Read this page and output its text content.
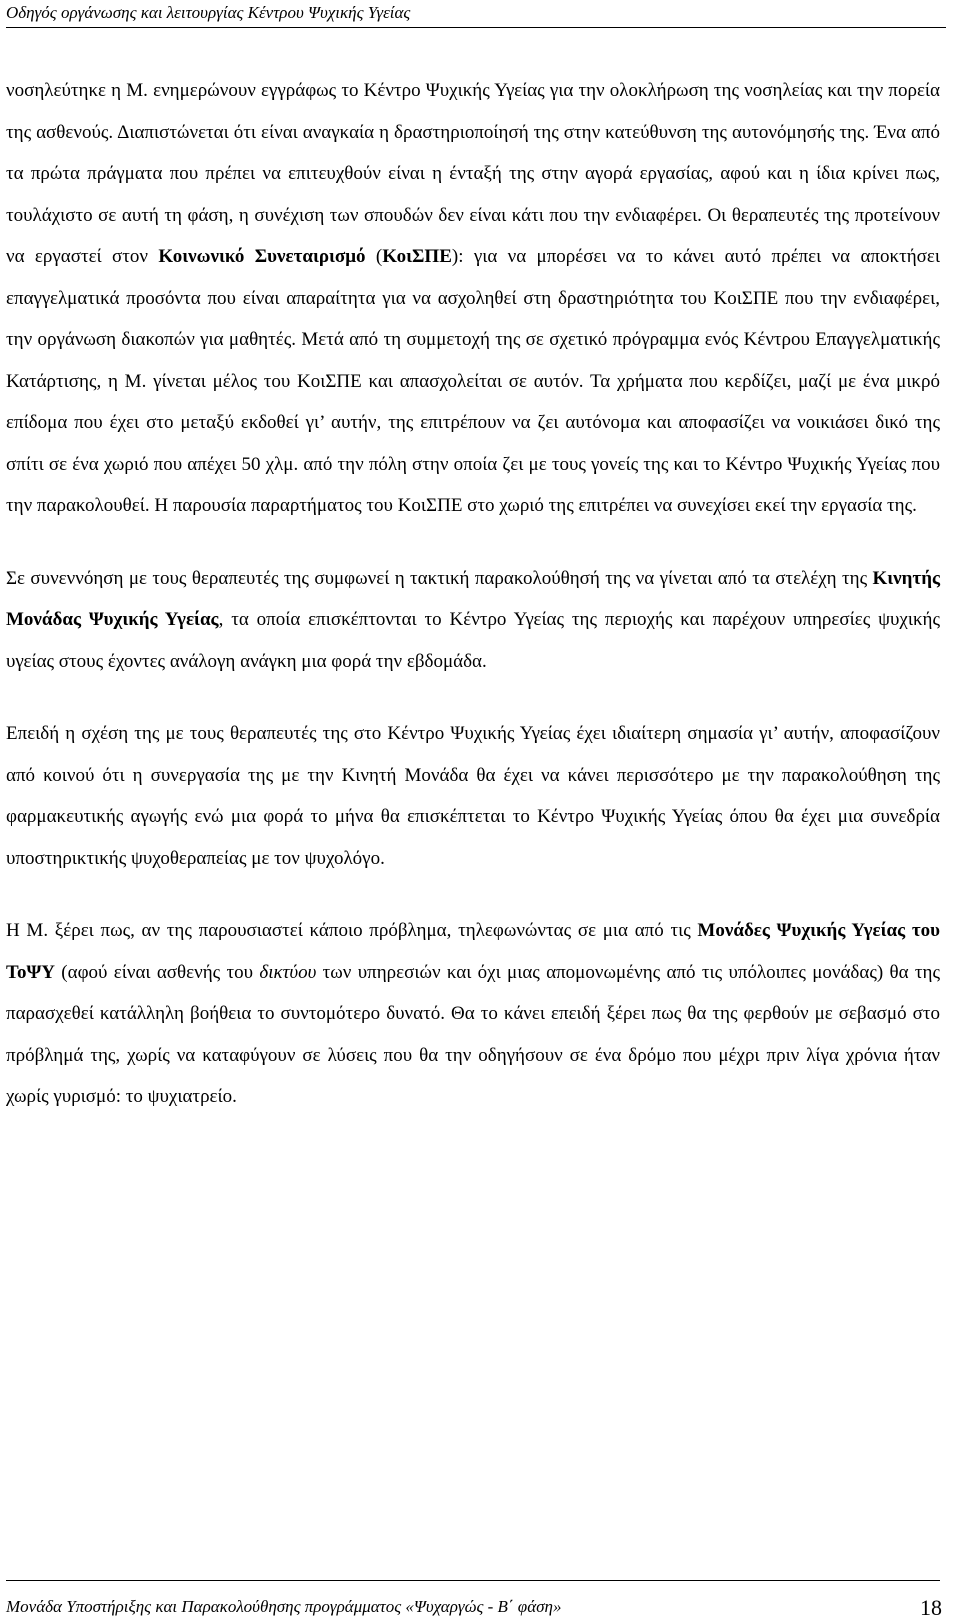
Οδηγός οργάνωσης και λειτουργίας Κέντρου Ψυχικής Υγείας

νοσηλεύτηκε η Μ. ενημερώνουν εγγράφως το Κέντρο Ψυχικής Υγείας για την ολοκλήρωση της νοσηλείας και την πορεία της ασθενούς. Διαπιστώνεται ότι είναι αναγκαία η δραστηριοποίησή της στην κατεύθυνση της αυτονόμησής της. Ένα από τα πρώτα πράγματα που πρέπει να επιτευχθούν είναι η ένταξή της στην αγορά εργασίας, αφού και η ίδια κρίνει πως, τουλάχιστο σε αυτή τη φάση, η συνέχιση των σπουδών δεν είναι κάτι που την ενδιαφέρει. Οι θεραπευτές της προτείνουν να εργαστεί στον Κοινωνικό Συνεταιρισμό (ΚοιΣΠΕ): για να μπορέσει να το κάνει αυτό πρέπει να αποκτήσει επαγγελματικά προσόντα που είναι απαραίτητα για να ασχοληθεί στη δραστηριότητα του ΚοιΣΠΕ που την ενδιαφέρει, την οργάνωση διακοπών για μαθητές. Μετά από τη συμμετοχή της σε σχετικό πρόγραμμα ενός Κέντρου Επαγγελματικής Κατάρτισης, η Μ. γίνεται μέλος του ΚοιΣΠΕ και απασχολείται σε αυτόν. Τα χρήματα που κερδίζει, μαζί με ένα μικρό επίδομα που έχει στο μεταξύ εκδοθεί γι’ αυτήν, της επιτρέπουν να ζει αυτόνομα και αποφασίζει να νοικιάσει δικό της σπίτι σε ένα χωριό που απέχει 50 χλμ. από την πόλη στην οποία ζει με τους γονείς της και το Κέντρο Ψυχικής Υγείας που την παρακολουθεί. Η παρουσία παραρτήματος του ΚοιΣΠΕ στο χωριό της επιτρέπει να συνεχίσει εκεί την εργασία της.

Σε συνεννόηση με τους θεραπευτές της συμφωνεί η τακτική παρακολούθησή της να γίνεται από τα στελέχη της Κινητής Μονάδας Ψυχικής Υγείας, τα οποία επισκέπτονται το Κέντρο Υγείας της περιοχής και παρέχουν υπηρεσίες ψυχικής υγείας στους έχοντες ανάλογη ανάγκη μια φορά την εβδομάδα.

Επειδή η σχέση της με τους θεραπευτές της στο Κέντρο Ψυχικής Υγείας έχει ιδιαίτερη σημασία γι’ αυτήν, αποφασίζουν από κοινού ότι η συνεργασία της με την Κινητή Μονάδα θα έχει να κάνει περισσότερο με την παρακολούθηση της φαρμακευτικής αγωγής ενώ μια φορά το μήνα θα επισκέπτεται το Κέντρο Ψυχικής Υγείας όπου θα έχει μια συνεδρία υποστηρικτικής ψυχοθεραπείας με τον ψυχολόγο.

Η Μ. ξέρει πως, αν της παρουσιαστεί κάποιο πρόβλημα, τηλεφωνώντας σε μια από τις Μονάδες Ψυχικής Υγείας του ΤοΨΥ (αφού είναι ασθενής του δικτύου των υπηρεσιών και όχι μιας απομονωμένης από τις υπόλοιπες μονάδας) θα της παρασχεθεί κατάλληλη βοήθεια το συντομότερο δυνατό. Θα το κάνει επειδή ξέρει πως θα της φερθούν με σεβασμό στο πρόβλημά της, χωρίς να καταφύγουν σε λύσεις που θα την οδηγήσουν σε ένα δρόμο που μέχρι πριν λίγα χρόνια ήταν χωρίς γυρισμό: το ψυχιατρείο.

Μονάδα Υποστήριξης και Παρακολούθησης προγράμματος «Ψυχαργώς - Β΄ φάση»	18
